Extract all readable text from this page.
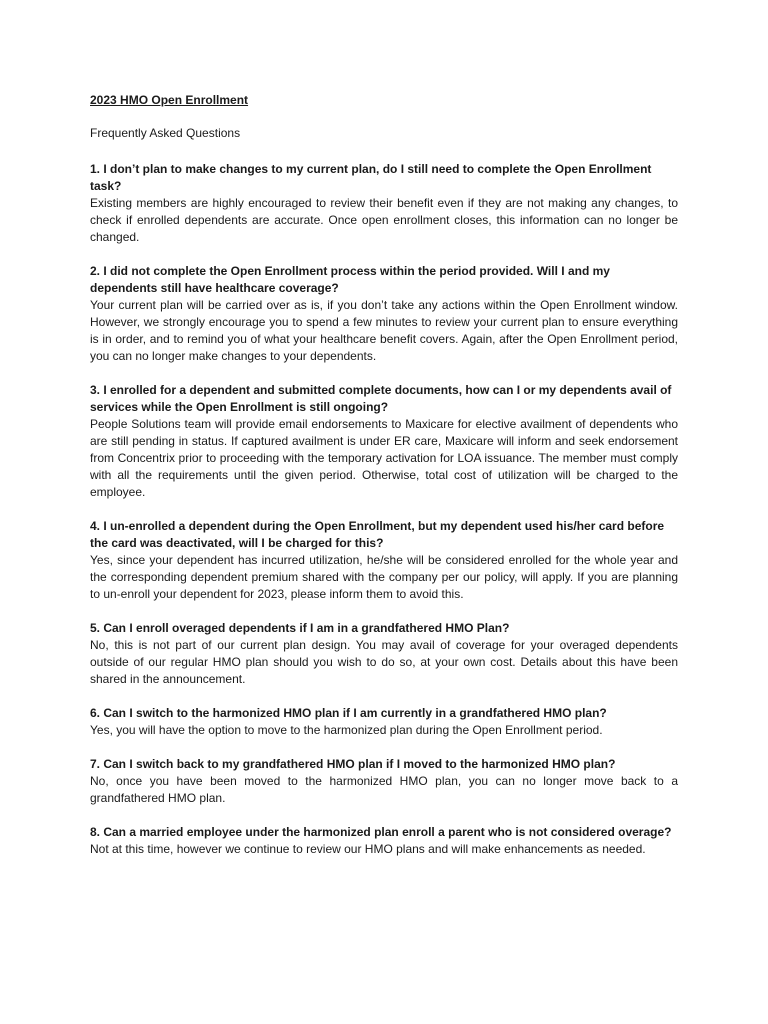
2023 HMO Open Enrollment

Frequently Asked Questions

1. I don’t plan to make changes to my current plan, do I still need to complete the Open Enrollment task?

Existing members are highly encouraged to review their benefit even if they are not making any changes, to check if enrolled dependents are accurate. Once open enrollment closes, this information can no longer be changed.

2. I did not complete the Open Enrollment process within the period provided. Will I and my dependents still have healthcare coverage?

Your current plan will be carried over as is, if you don’t take any actions within the Open Enrollment window. However, we strongly encourage you to spend a few minutes to review your current plan to ensure everything is in order, and to remind you of what your healthcare benefit covers. Again, after the Open Enrollment period, you can no longer make changes to your dependents.

3. I enrolled for a dependent and submitted complete documents, how can I or my dependents avail of services while the Open Enrollment is still ongoing?

People Solutions team will provide email endorsements to Maxicare for elective availment of dependents who are still pending in status. If captured availment is under ER care, Maxicare will inform and seek endorsement from Concentrix prior to proceeding with the temporary activation for LOA issuance. The member must comply with all the requirements until the given period. Otherwise, total cost of utilization will be charged to the employee.

4. I un-enrolled a dependent during the Open Enrollment, but my dependent used his/her card before the card was deactivated, will I be charged for this?

Yes, since your dependent has incurred utilization, he/she will be considered enrolled for the whole year and the corresponding dependent premium shared with the company per our policy, will apply. If you are planning to un-enroll your dependent for 2023, please inform them to avoid this.

5. Can I enroll overaged dependents if I am in a grandfathered HMO Plan?

No, this is not part of our current plan design. You may avail of coverage for your overaged dependents outside of our regular HMO plan should you wish to do so, at your own cost. Details about this have been shared in the announcement.

6. Can I switch to the harmonized HMO plan if I am currently in a grandfathered HMO plan?

Yes, you will have the option to move to the harmonized plan during the Open Enrollment period.

7. Can I switch back to my grandfathered HMO plan if I moved to the harmonized HMO plan?

No, once you have been moved to the harmonized HMO plan, you can no longer move back to a grandfathered HMO plan.

8. Can a married employee under the harmonized plan enroll a parent who is not considered overage?

Not at this time, however we continue to review our HMO plans and will make enhancements as needed.
